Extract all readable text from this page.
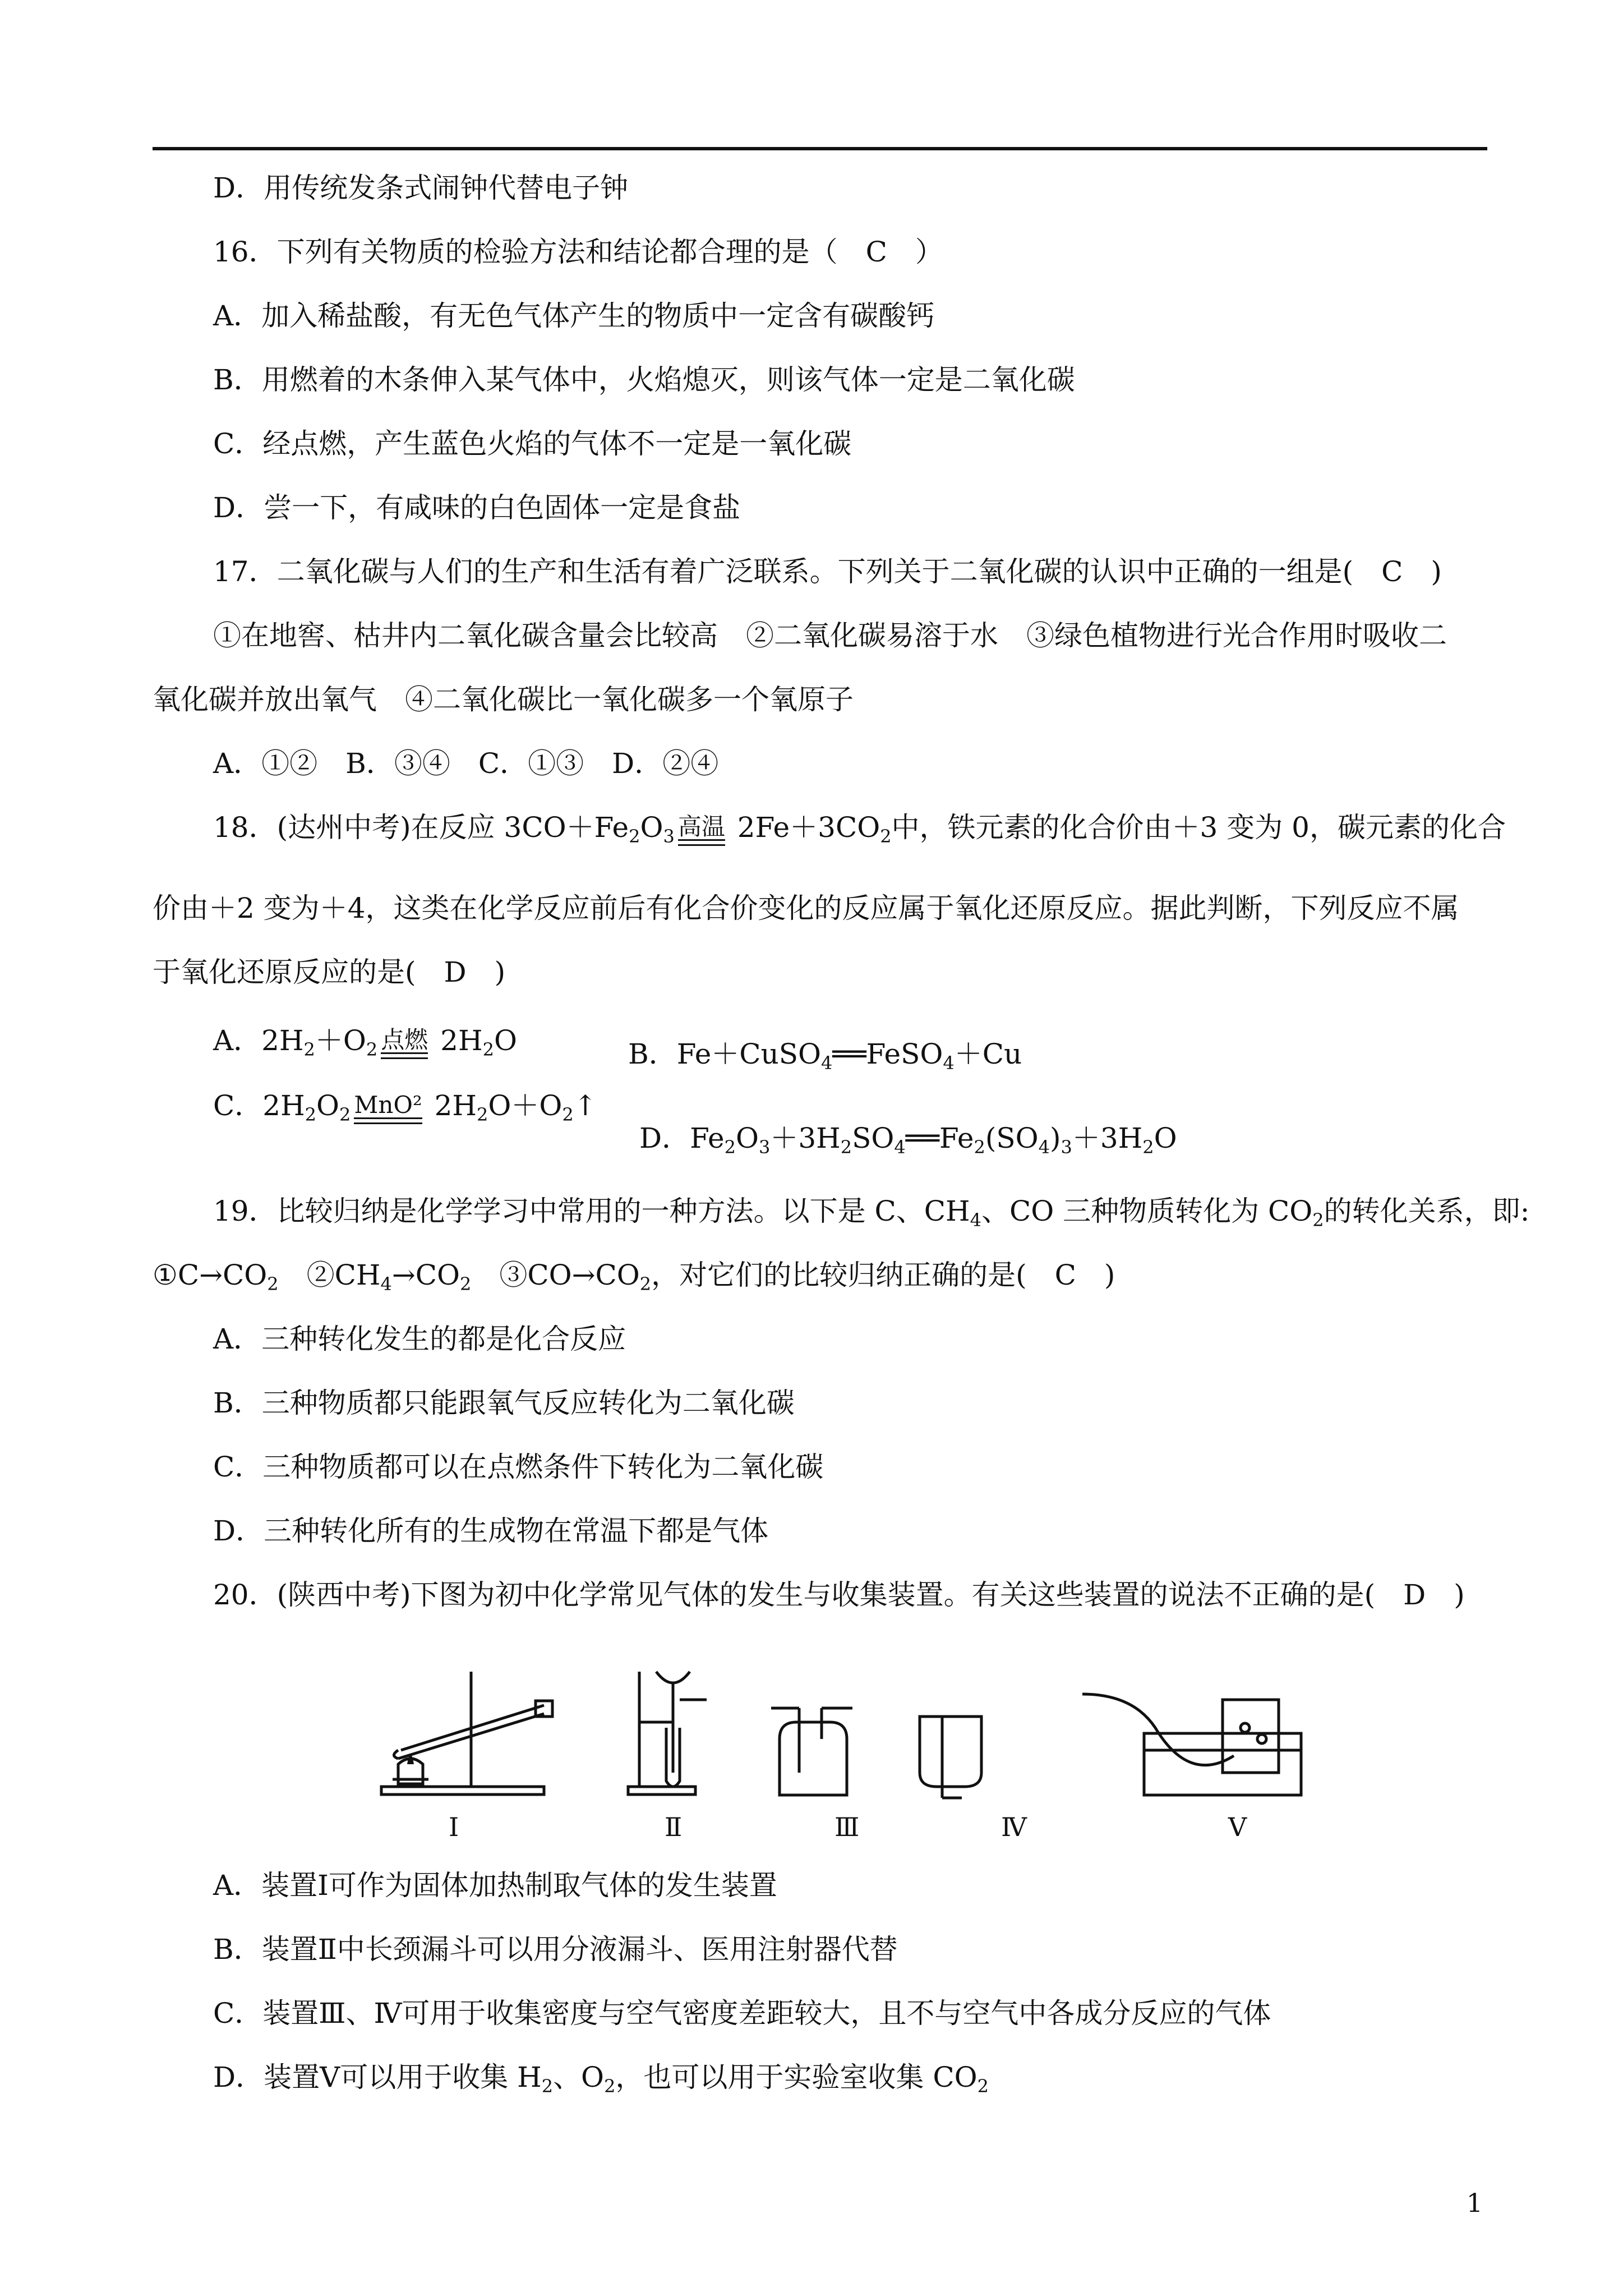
D．用传统发条式闹钟代替电子钟
16．下列有关物质的检验方法和结论都合理的是（　C　）
A．加入稀盐酸，有无色气体产生的物质中一定含有碳酸钙
B．用燃着的木条伸入某气体中，火焰熄灭，则该气体一定是二氧化碳
C．经点燃，产生蓝色火焰的气体不一定是一氧化碳
D．尝一下，有咸味的白色固体一定是食盐
17．二氧化碳与人们的生产和生活有着广泛联系。下列关于二氧化碳的认识中正确的一组是(　C　)
①在地窖、枯井内二氧化碳含量会比较高　②二氧化碳易溶于水　③绿色植物进行光合作用时吸收二
氧化碳并放出氧气　④二氧化碳比一氧化碳多一个氧原子
A．①②　B．③④　C．①③　D．②④
18．(达州中考)在反应 $3CO+Fe_2O_3$ 高温 $2Fe+3CO_2$中，铁元素的化合价由＋3 变为 0，碳元素的化合
价由＋2 变为＋4，这类在化学反应前后有化合价变化的反应属于氧化还原反应。据此判断，下列反应不属
于氧化还原反应的是(　D　)
A．$2H_2+O_2$ 点燃 $2H_2O$	B．Fe＋CuSO$_4$══FeSO$_4$＋Cu
C．$2H_2O_2$ MnO² $2H_2O+O_2↑$
D．$Fe_2O_3+3H_2SO_4══Fe_2(SO_4)_3+3H_2O$
19．比较归纳是化学学习中常用的一种方法。以下是 C、$CH_4$、CO 三种物质转化为 $CO_2$的转化关系，即:
$①C\to CO_2$　$②CH_4\to CO_2$　$③CO\to CO_2$，对它们的比较归纳正确的是(　C　)
A．三种转化发生的都是化合反应
B．三种物质都只能跟氧气反应转化为二氧化碳
C．三种物质都可以在点燃条件下转化为二氧化碳
D．三种转化所有的生成物在常温下都是气体
20．(陕西中考)下图为初中化学常见气体的发生与收集装置。有关这些装置的说法不正确的是(　D　)
Ⅰ	Ⅱ	Ⅲ	Ⅳ	Ⅴ
A．装置Ⅰ可作为固体加热制取气体的发生装置
B．装置Ⅱ中长颈漏斗可以用分液漏斗、医用注射器代替
C．装置Ⅲ、Ⅳ可用于收集密度与空气密度差距较大，且不与空气中各成分反应的气体
D．装置Ⅴ可以用于收集 $H_2$、$O_2$，也可以用于实验室收集 $CO_2$
1
